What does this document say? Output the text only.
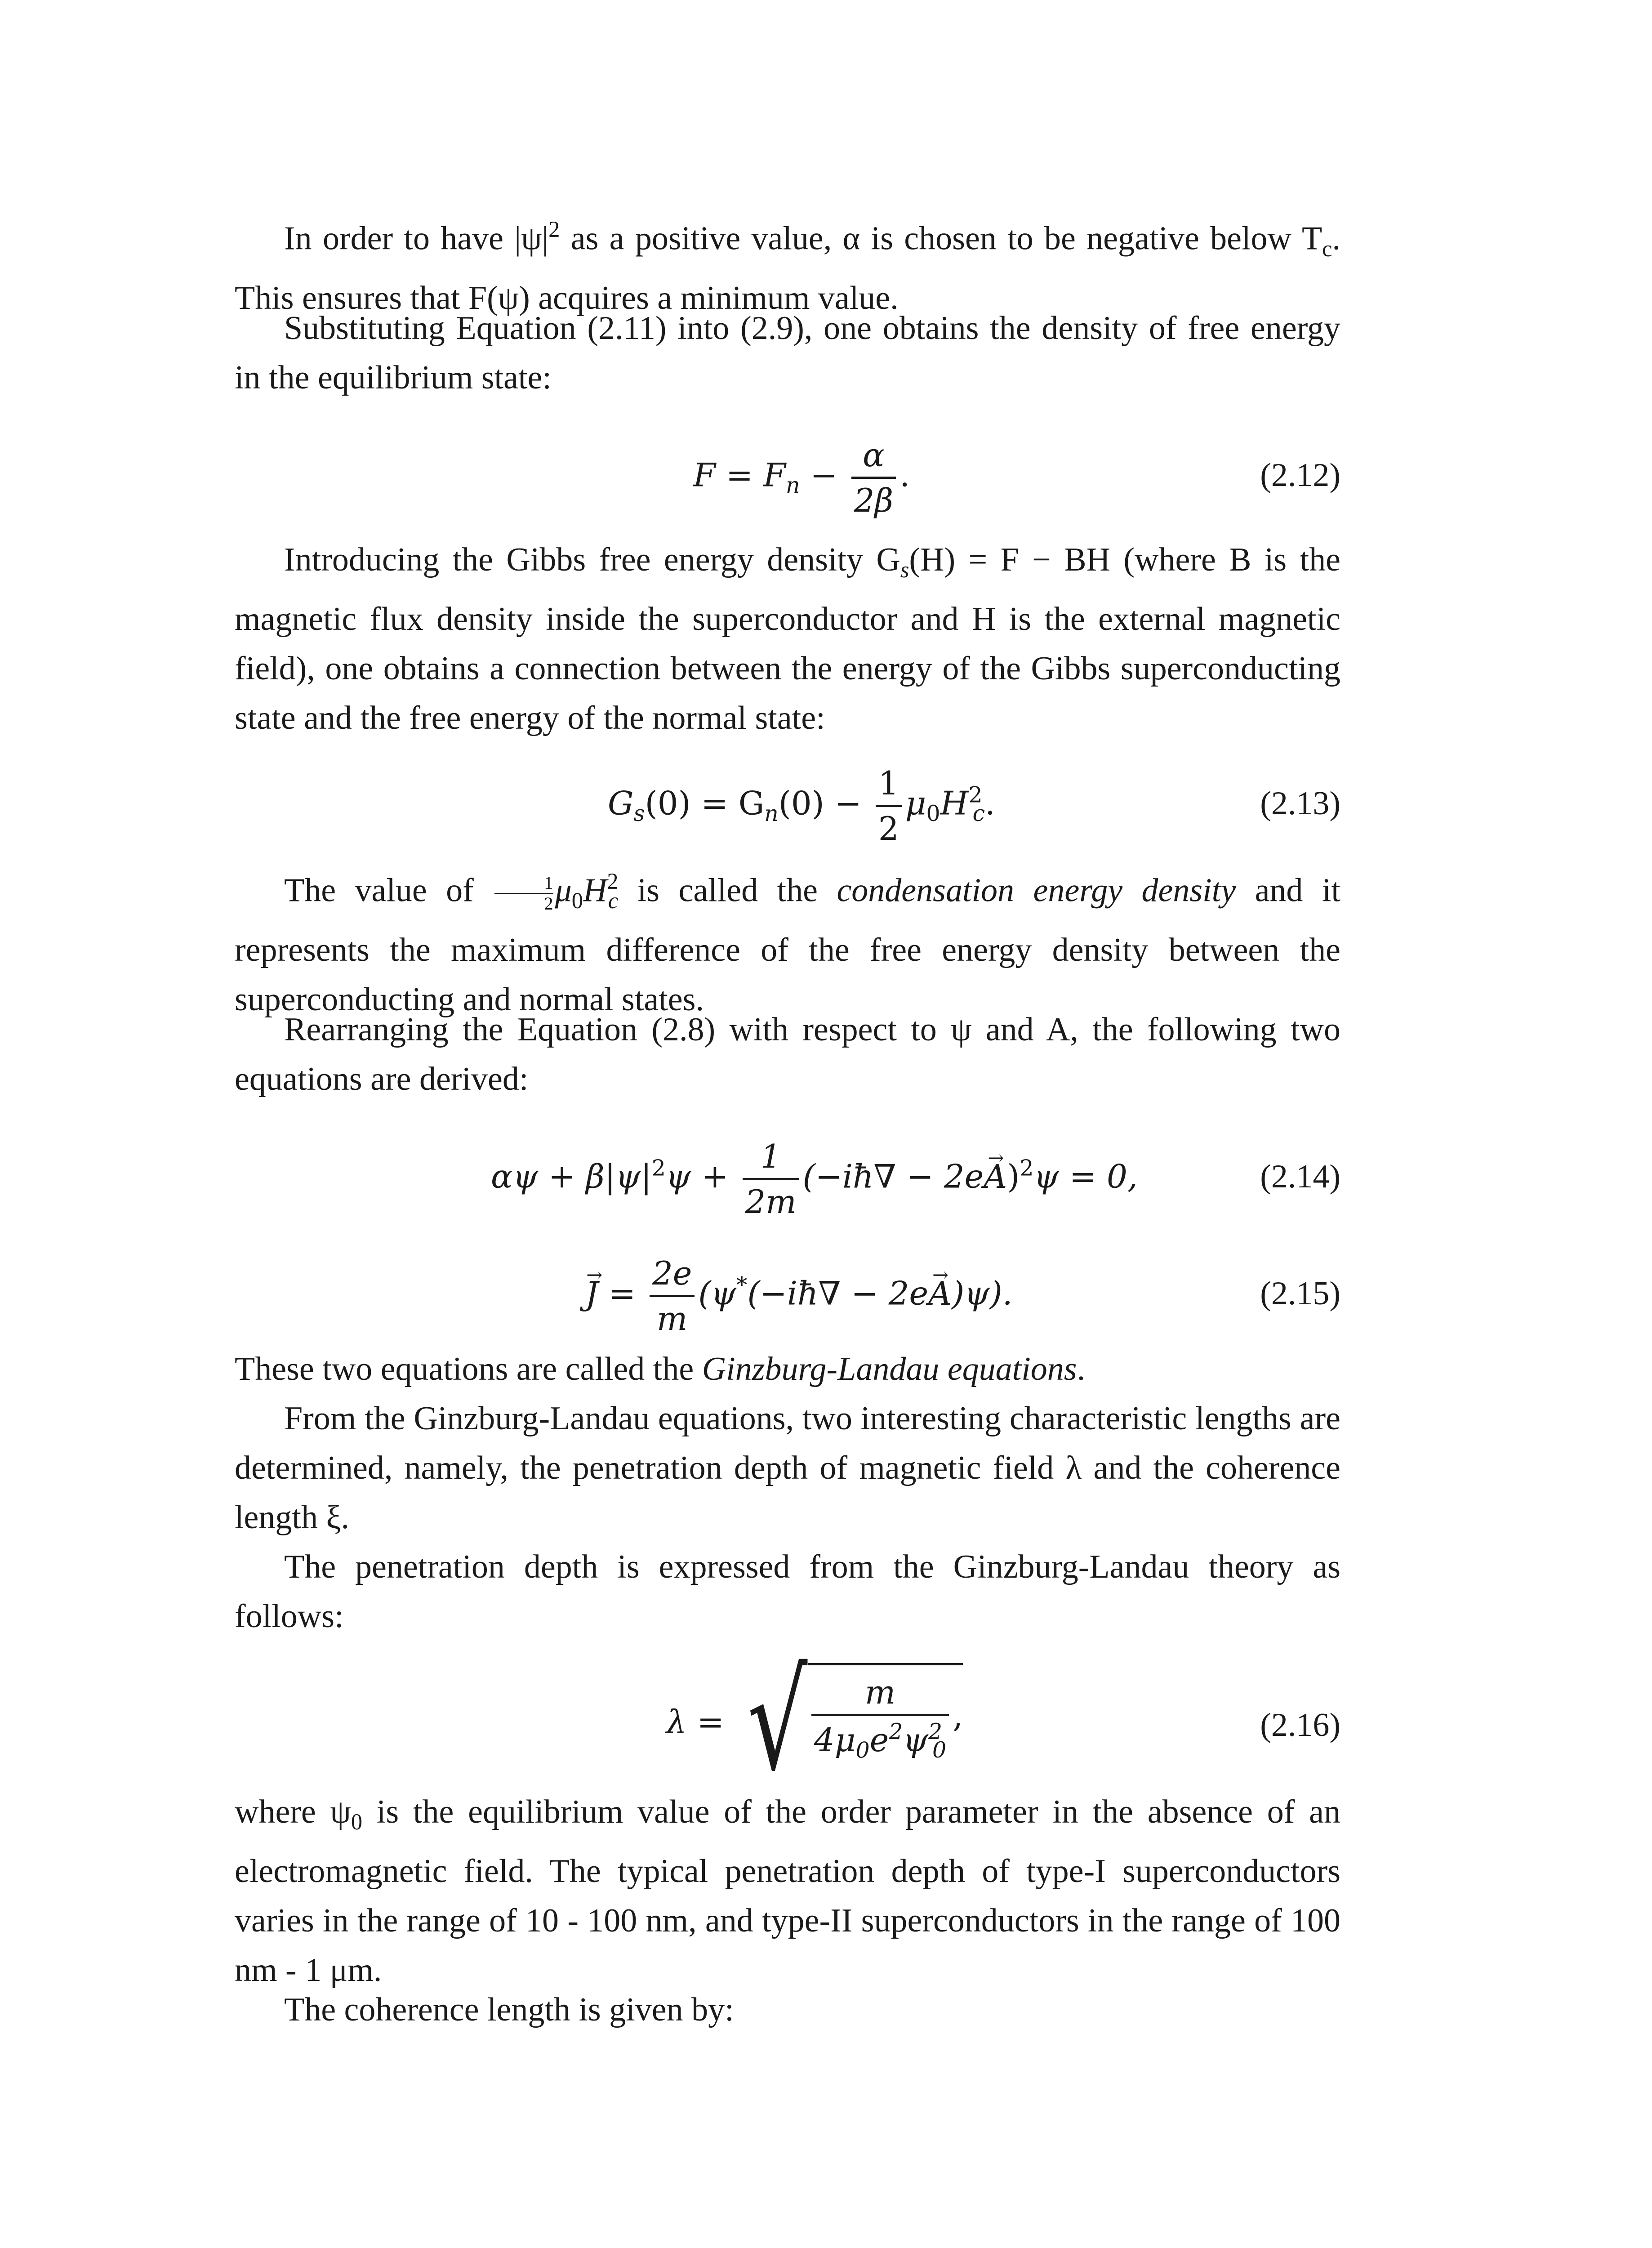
In order to have $|\psi|^2$ as a positive value, α is chosen to be negative below $T_c$. This ensures that F(ψ) acquires a minimum value.

Substituting Equation (2.11) into (2.9), one obtains the density of free energy in the equilibrium state:

$F = F_n - \frac{\alpha}{2\beta}$ .	(2.12)

Introducing the Gibbs free energy density $G_s(H) = F$ − BH (where B is the magnetic flux density inside the superconductor and H is the external magnetic field), one obtains a connection between the energy of the Gibbs superconducting state and the free energy of the normal state:

$G_s(0) = G_n(0) - \frac{1}{2} \mu_0H^2_c$.	(2.13)

The value of $\frac{1}{2} \mu_0H^2_c$ is called the condensation energy density and it represents the maximum difference of the free energy density between the superconducting and normal states.

Rearranging the Equation (2.8) with respect to ψ and A, the following two equations are derived:

$\alpha\psi + \beta|\psi|^2\psi + \frac{1}{2m}$ (−iħ∇ − 2e→ A)$^2$ψ = 0,	(2.14)
→ $J = \frac{2e}{m}$ (ψ*(−iħ∇ − 2e→ A)ψ).	(2.15)

These two equations are called the Ginzburg-Landau equations.

From the Ginzburg-Landau equations, two interesting characteristic lengths are determined, namely, the penetration depth of magnetic field λ and the coherence length ξ.

The penetration depth is expressed from the Ginzburg-Landau theory as follows:

λ = √ $\frac{m}{4\mu_0e^2\psi^2_0}$ ,	(2.16)

where $\psi_0$ is the equilibrium value of the order parameter in the absence of an electromagnetic field. The typical penetration depth of type-I superconductors varies in the range of 10 - 100 nm, and type-II superconductors in the range of 100 nm - 1 μm.

The coherence length is given by:
